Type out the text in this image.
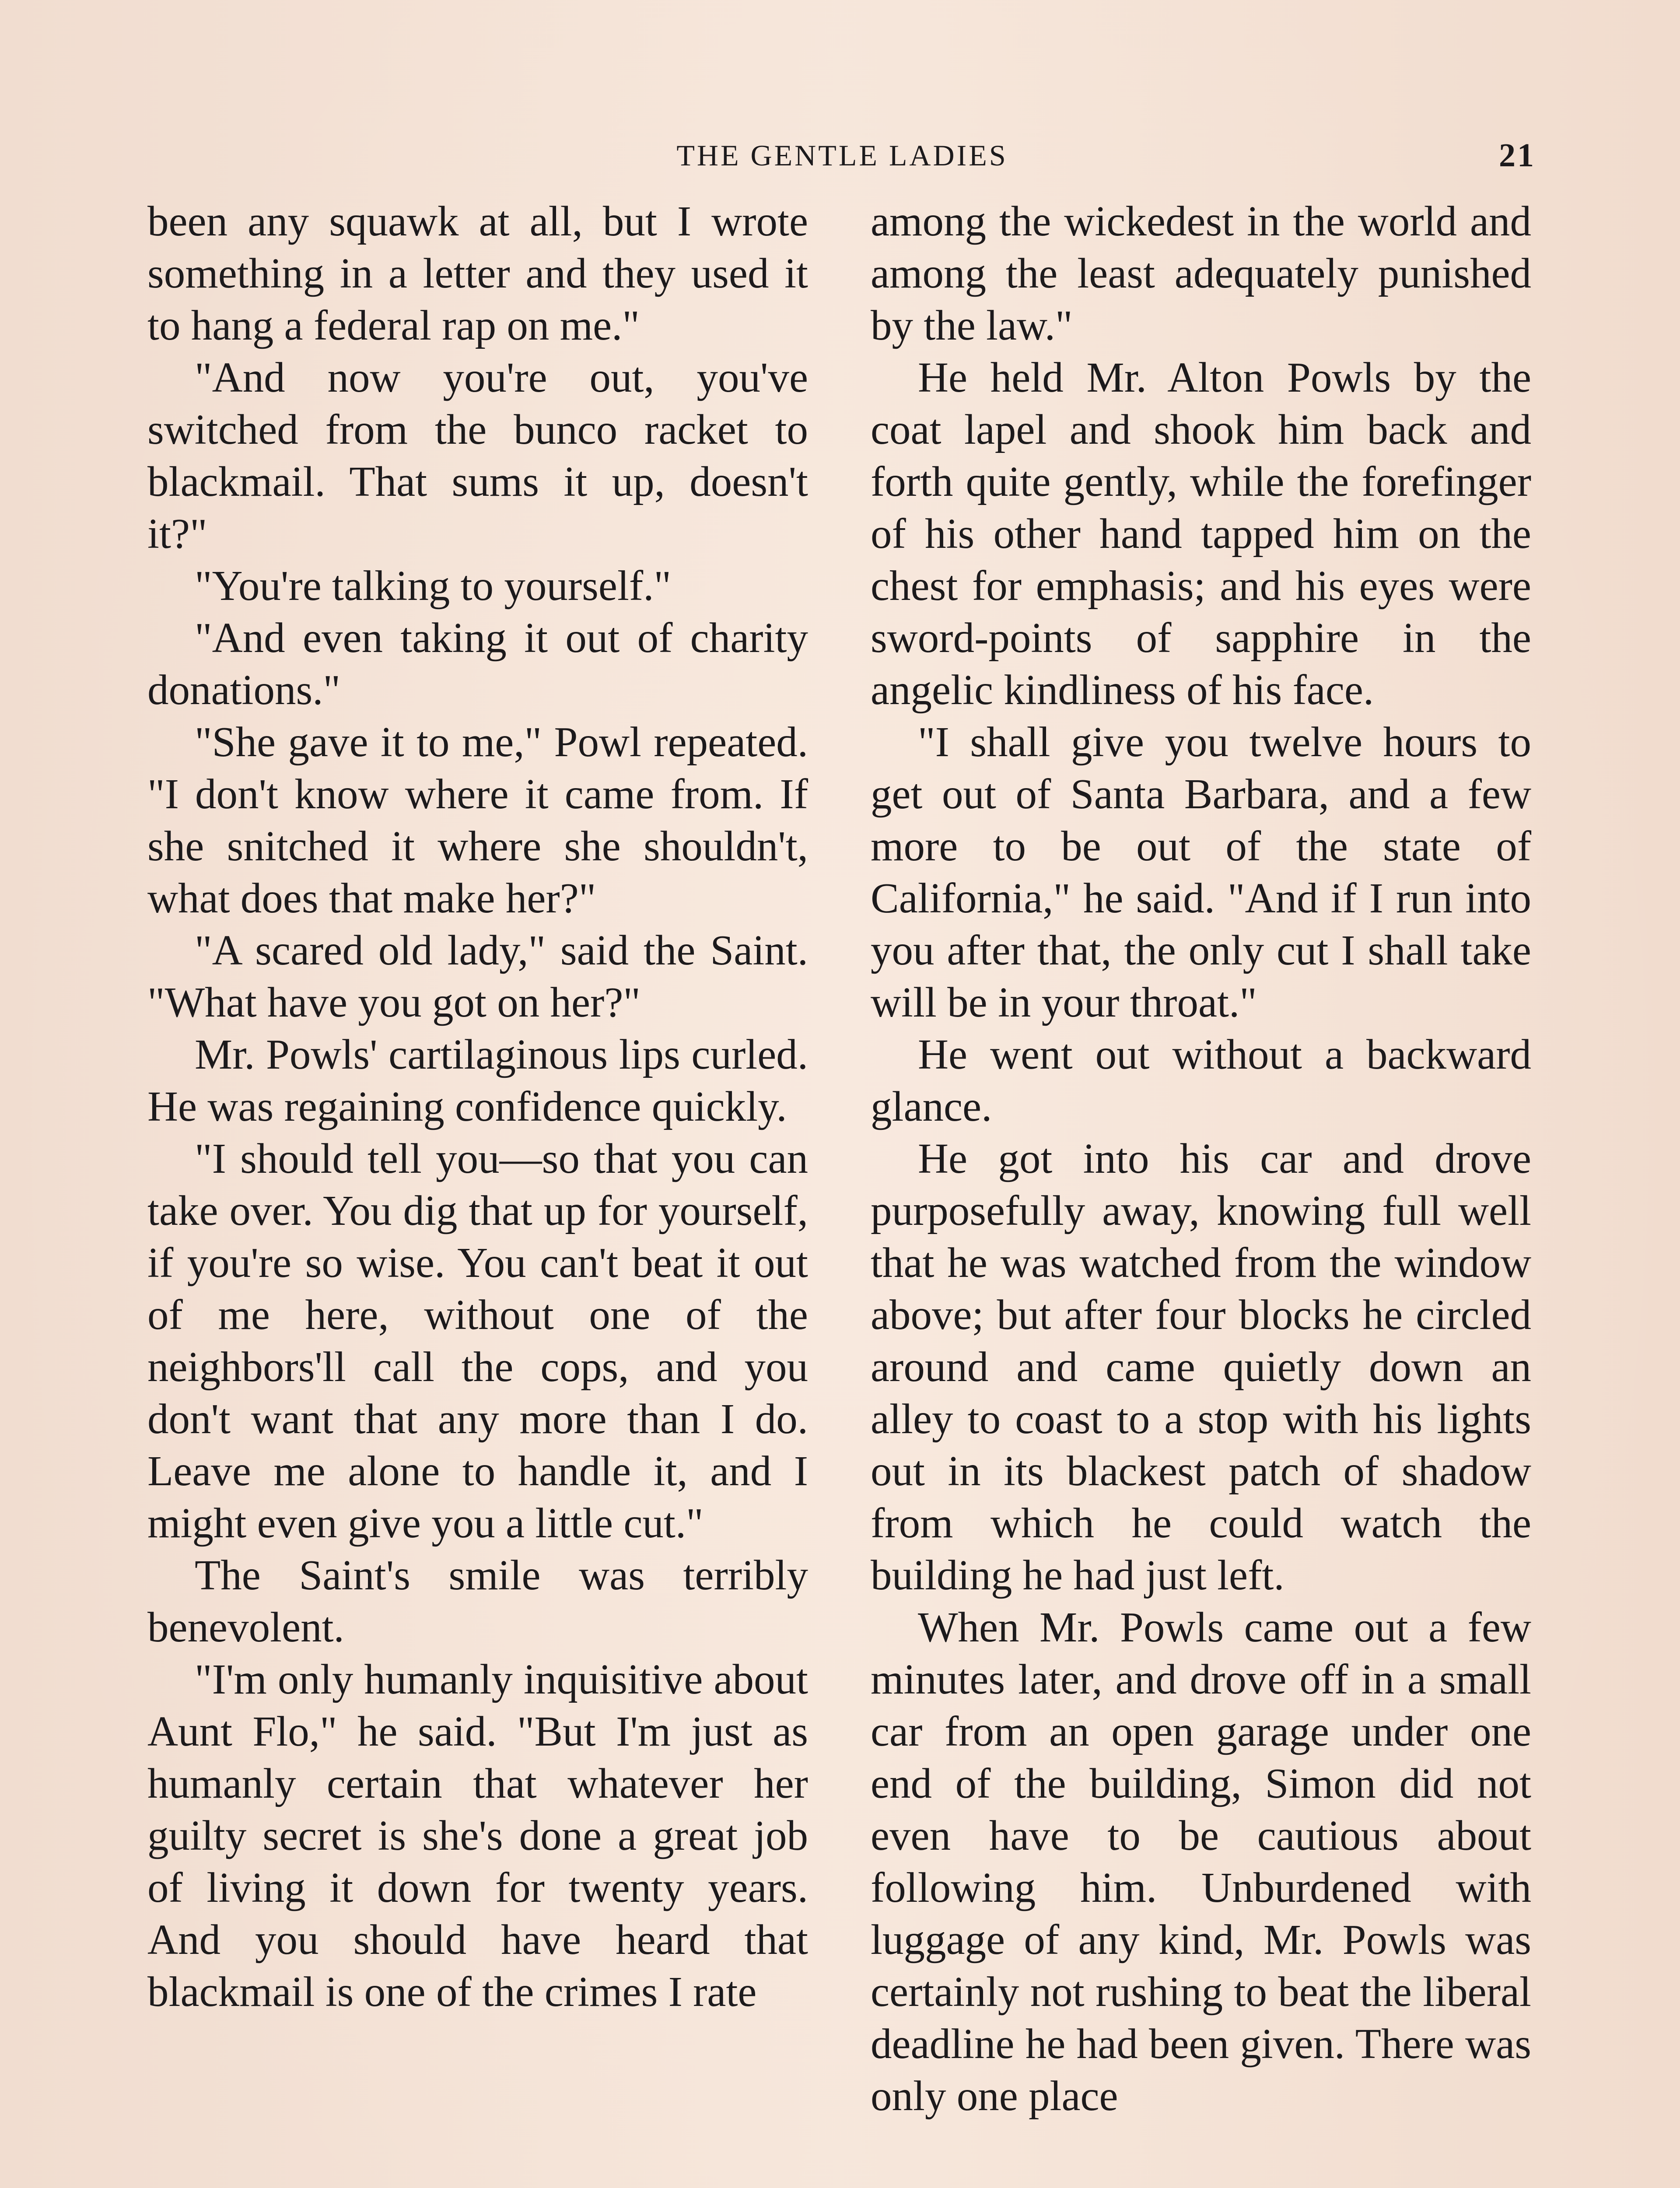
THE GENTLE LADIES	21

been any squawk at all, but I wrote something in a letter and they used it to hang a federal rap on me."

"And now you're out, you've switched from the bunco racket to blackmail. That sums it up, doesn't it?"

"You're talking to yourself."

"And even taking it out of charity donations."

"She gave it to me," Powl repeated. "I don't know where it came from. If she snitched it where she shouldn't, what does that make her?"

"A scared old lady," said the Saint. "What have you got on her?"

Mr. Powls' cartilaginous lips curled. He was regaining confidence quickly.

"I should tell you—so that you can take over. You dig that up for yourself, if you're so wise. You can't beat it out of me here, without one of the neighbors'll call the cops, and you don't want that any more than I do. Leave me alone to handle it, and I might even give you a little cut."

The Saint's smile was terribly benevolent.

"I'm only humanly inquisitive about Aunt Flo," he said. "But I'm just as humanly certain that whatever her guilty secret is she's done a great job of living it down for twenty years. And you should have heard that blackmail is one of the crimes I rate

among the wickedest in the world and among the least adequately punished by the law."

He held Mr. Alton Powls by the coat lapel and shook him back and forth quite gently, while the forefinger of his other hand tapped him on the chest for emphasis; and his eyes were sword-points of sapphire in the angelic kindliness of his face.

"I shall give you twelve hours to get out of Santa Barbara, and a few more to be out of the state of California," he said. "And if I run into you after that, the only cut I shall take will be in your throat."

He went out without a backward glance.

He got into his car and drove purposefully away, knowing full well that he was watched from the window above; but after four blocks he circled around and came quietly down an alley to coast to a stop with his lights out in its blackest patch of shadow from which he could watch the building he had just left.

When Mr. Powls came out a few minutes later, and drove off in a small car from an open garage under one end of the building, Simon did not even have to be cautious about following him. Unburdened with luggage of any kind, Mr. Powls was certainly not rushing to beat the liberal deadline he had been given. There was only one place
